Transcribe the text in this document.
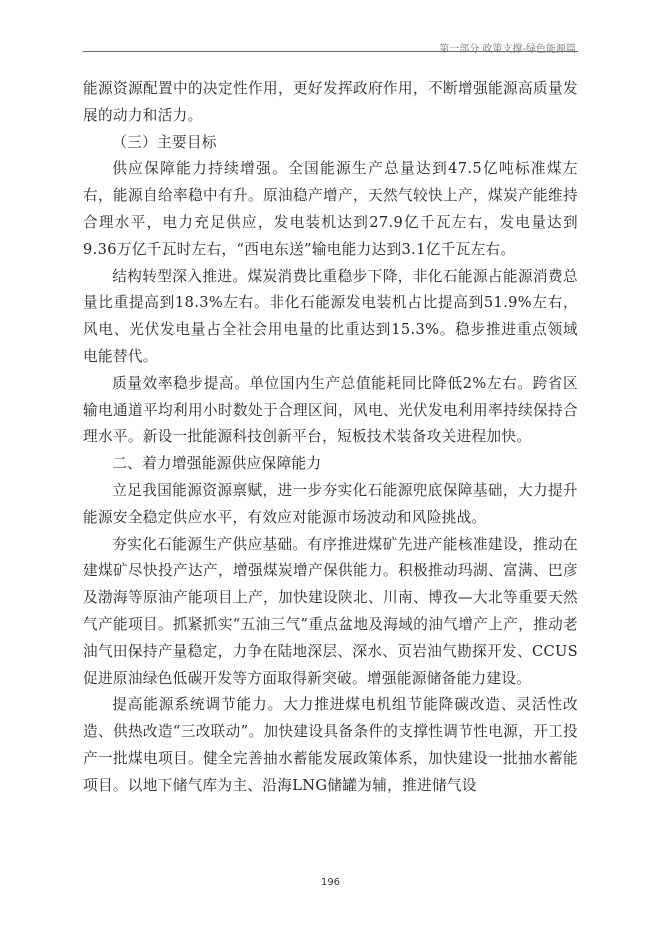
第一部分 政策支撑-绿色能源篇

能源资源配置中的决定性作用，更好发挥政府作用，不断增强能源高质量发展的动力和活力。

（三）主要目标

供应保障能力持续增强。全国能源生产总量达到47.5亿吨标准煤左右，能源自给率稳中有升。原油稳产增产，天然气较快上产，煤炭产能维持合理水平，电力充足供应，发电装机达到27.9亿千瓦左右，发电量达到9.36万亿千瓦时左右，“西电东送”输电能力达到3.1亿千瓦左右。

结构转型深入推进。煤炭消费比重稳步下降，非化石能源占能源消费总量比重提高到18.3%左右。非化石能源发电装机占比提高到51.9%左右，风电、光伏发电量占全社会用电量的比重达到15.3%。稳步推进重点领域电能替代。

质量效率稳步提高。单位国内生产总值能耗同比降低2%左右。跨省区输电通道平均利用小时数处于合理区间，风电、光伏发电利用率持续保持合理水平。新设一批能源科技创新平台，短板技术装备攻关进程加快。

二、着力增强能源供应保障能力

立足我国能源资源禀赋，进一步夯实化石能源兜底保障基础，大力提升能源安全稳定供应水平，有效应对能源市场波动和风险挑战。

夯实化石能源生产供应基础。有序推进煤矿先进产能核准建设，推动在建煤矿尽快投产达产，增强煤炭增产保供能力。积极推动玛湖、富满、巴彦及渤海等原油产能项目上产，加快建设陕北、川南、博孜—大北等重要天然气产能项目。抓紧抓实“五油三气”重点盆地及海域的油气增产上产，推动老油气田保持产量稳定，力争在陆地深层、深水、页岩油气勘探开发、CCUS促进原油绿色低碳开发等方面取得新突破。增强能源储备能力建设。

提高能源系统调节能力。大力推进煤电机组节能降碳改造、灵活性改造、供热改造“三改联动”。加快建设具备条件的支撑性调节性电源，开工投产一批煤电项目。健全完善抽水蓄能发展政策体系，加快建设一批抽水蓄能项目。以地下储气库为主、沿海LNG储罐为辅，推进储气设

196
